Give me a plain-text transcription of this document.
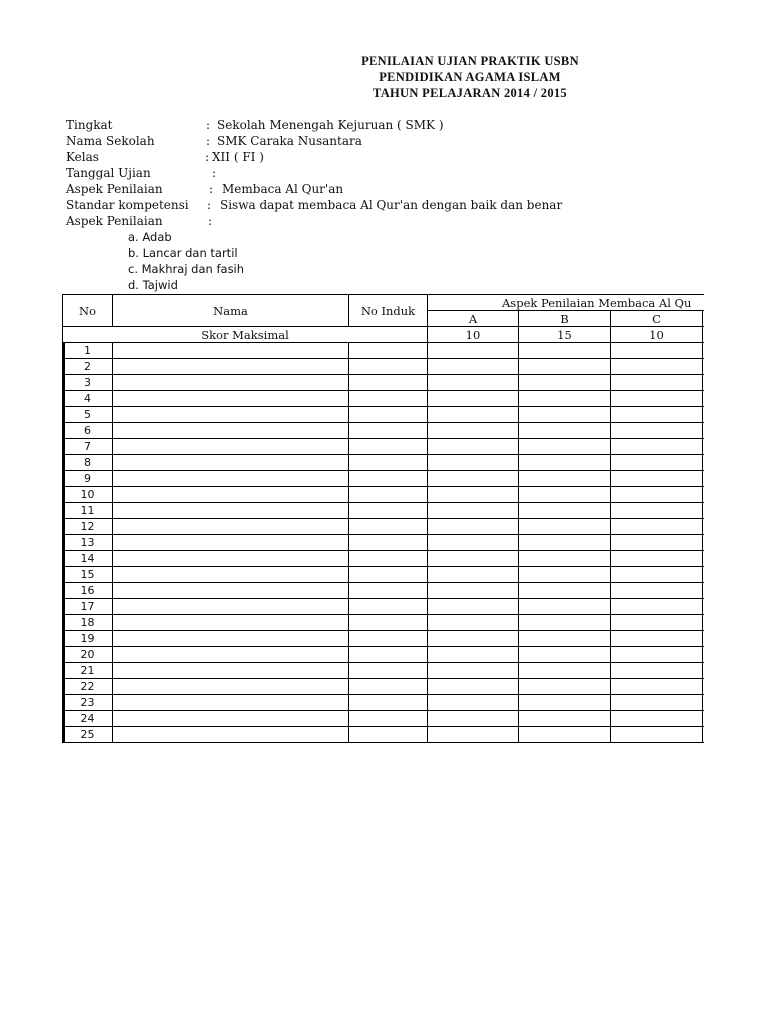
PENILAIAN UJIAN PRAKTIK USBN
PENDIDIKAN AGAMA ISLAM
TAHUN PELAJARAN 2014 / 2015
Tingkat	: Sekolah Menengah Kejuruan ( SMK )
Nama Sekolah	: SMK Caraka Nusantara
Kelas	: XII ( FI )
Tanggal Ujian	:
Aspek Penilaian	: Membaca Al Qur'an
Standar kompetensi : Siswa dapat membaca Al Qur'an dengan baik dan benar
Aspek Penilaian	:
a. Adab
b. Lancar dan tartil
c. Makhraj dan fasih
d. Tajwid
No	Nama	No Induk	Aspek Penilaian Membaca Al Qu			
			A	B	C	
Skor Maksimal			10	15	10	
1						
2						
3						
4						
5						
6						
7						
8						
9						
10						
11						
12						
13						
14						
15						
16						
17						
18						
19						
20						
21						
22						
23						
24						
25						
